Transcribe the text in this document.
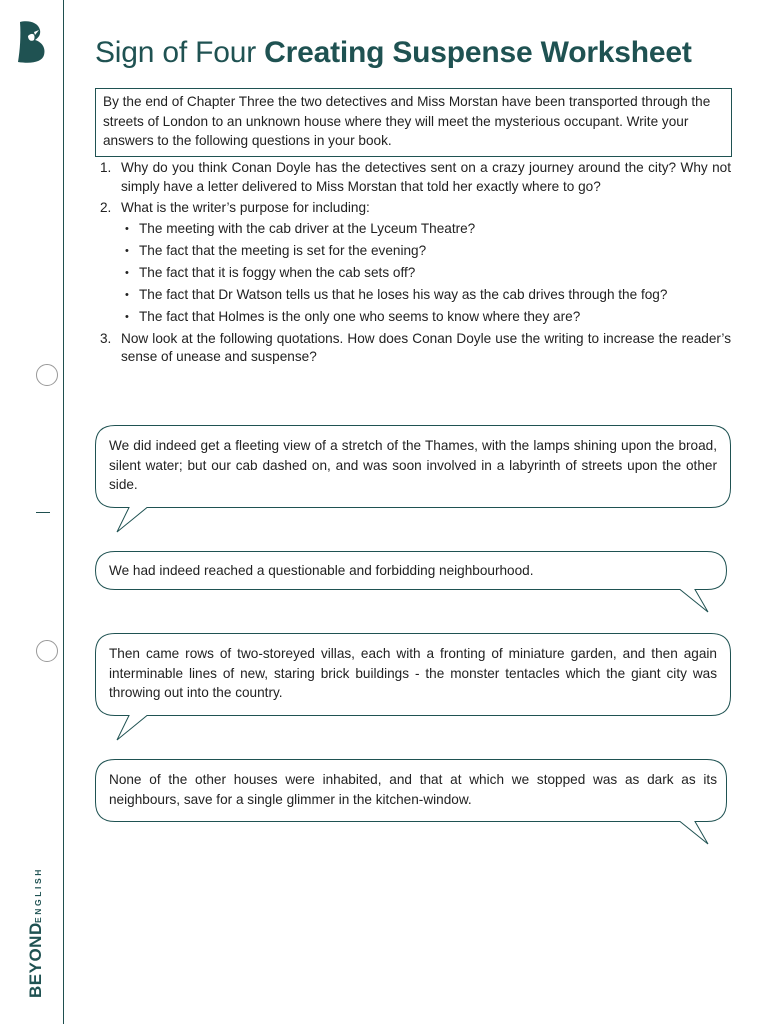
BEYOND
ENGLISH
Sign of Four Creating Suspense Worksheet
By the end of Chapter Three the two detectives and Miss Morstan have been transported through the streets of London to an unknown house where they will meet the mysterious occupant. Write your answers to the following questions in your book.
1. Why do you think Conan Doyle has the detectives sent on a crazy journey around the city? Why not simply have a letter delivered to Miss Morstan that told her exactly where to go?
2. What is the writer’s purpose for including:
• The meeting with the cab driver at the Lyceum Theatre?
• The fact that the meeting is set for the evening?
• The fact that it is foggy when the cab sets off?
• The fact that Dr Watson tells us that he loses his way as the cab drives through the fog?
• The fact that Holmes is the only one who seems to know where they are?
3. Now look at the following quotations. How does Conan Doyle use the writing to increase the reader’s sense of unease and suspense?
We did indeed get a fleeting view of a stretch of the Thames, with the lamps shining upon the broad, silent water; but our cab dashed on, and was soon involved in a labyrinth of streets upon the other side.
We had indeed reached a questionable and forbidding neighbourhood.
Then came rows of two-storeyed villas, each with a fronting of miniature garden, and then again interminable lines of new, staring brick buildings - the monster tentacles which the giant city was throwing out into the country.
None of the other houses were inhabited, and that at which we stopped was as dark as its neighbours, save for a single glimmer in the kitchen-window.
